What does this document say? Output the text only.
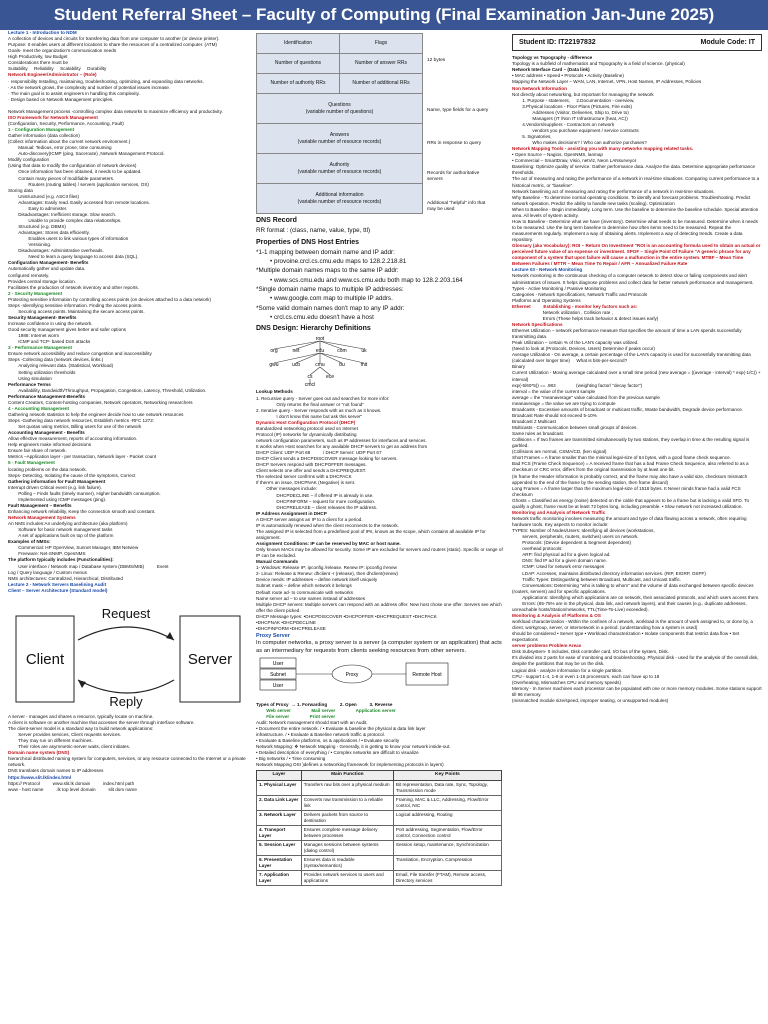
Student Referral Sheet – Faculty of Computing (Final Examination Jan-June 2025)

Lecture 1 - Introduction to NDM

A collection of devices and circuits for transferring data from one computer to another (or device printer).

Purpose: It enables users at different locations to share the resources of a centralized computer. (ATM)

Goals- meet the organization's communication needs

High Productivity, low Budget

Considerations there must be

Suitability     Reliability     Scalability     Durability

Network Engineer/Administrator – (Role)

· responsibility Installing, maintaining, troubleshooting, optimizing, and expanding data networks.

· As the network grows, the complexity and number of potential issues increase.

· The main goal is to assist engineers in handling this complexity.

· Design based on Network Management principles.

Network Management process -controlling complex data networks to maximize efficiency and productivity.

ISO Framework for Network Management

(Configuration, Security, Performance, Accounting, Fault)

1 - Configuration Management

Gather information (data collection)

(Collect information about the current network environment.)

Manual: Tedious, error prone, time consuming

Auto-discovery(ICMP (ping, traceroute) ,Network Management Protocol.

Modify configuration

(Using that data to modify the configuration of network devices)

Once information has been obtained, it needs to be updated.

Contain many pieces of modifiable parameters.

Routers (routing tables) / servers (application services, OS)

Storing data

Unstructured (e.g. ASCII files)

Advantages: Easily read. Easily accessed from remote locations.

Easy to administer.

Disadvantages: Inefficient storage. Slow search.

Unable to provide complex data relationships.

Structured (e.g. DBMS)

Advantages: Stores data efficiently.

Enables users to link various types of information

Versioning.

Disadvantages: Administrative overheads.

Need to learn a query language to access data (SQL).

Configuration Management- Benefits

Automatically gather and update data.

configured remotely.

Provides central storage location.

Facilitates the production of network inventory and other reports.

2 - Security Management

Protecting sensitive information by controlling access points (on devices attached to a data network)

Steps -Identifying sensitive information. Finding the access points.

Securing access points. Maintaining the secure access points.

Security Management- Benefits

Increase confidence in using the network.

Good security management gives better and safer options

1988: Internet worm

ICMP and TCP- based DoS attacks

3 - Performance Management

Ensure network accessibility and reduce congestion and inaccessibility

Steps -Collecting data (network devices, links.)

Analyzing relevant data. (Statistical, Workload)

Setting utilization thresholds

Using simulation

Performance Terms

Availability, Bandwidth/Throughput, Propagation, Congestion, Latency, Threshold, Utilization.

Performance Management-Benefits

Content Creators, Content-hosting companies, Network operators, Networking researchers

4 - Accounting Management

Gathering network statistics to help the engineer decide how to use network resources

Steps -Gathering data network resources, Establish metrics -RFC 1272:

Set quotas using metrics, Billing users for use of the network

Accounting Management - Benefits

Allow effective measurement, reports of accounting information.

Help engineers make informed decisions

Ensure fair share of network.

Metrics –Application layer - per transaction, Network layer - Packet count

5 - Fault Management

locating problems on the data network.

Steps- Detecting, Isolating the cause of the symptoms, Correct

Gathering information for Fault Management

Interrupt driven Critical event (e.g. link failure).

Polling – Finds faults (timely manner), Higher bandwidth consumption.

Implemented using ICMP messages (ping).

Fault Management – Benefits

Enhancing network reliability, Keep the connection smooth and constant.

Network Management Systems

An NMS includes:An underlying architecture (aka platform)

Software for basic network management tasks

A set of applications built on top of the platform

Examples of NMSs:

Commercial: HP OpenView, Sunnet Manager, IBM Netview

Freeware: Net-SNMP, OpenNMS

The platform typically includes (Functionalities):

User interface / Network map / Database system (DBMS/MIB)          Event

Log / Query language / Custom menus

NMS architectures: Centralized, Hierarchical, Distributed

Lecture 2 - Network Servers Baselining Audit

Client – Server Architecture (Standard model)

Client	Server
Request
Reply

A server - manages and shares a resource, typically locate on machine.

A client is software on another machine that accesses the server through interface software.

The client-server model is a standard way to build network applications:

Server provides services, Client requests services.

They may run on different machines.

Their roles are asymmetric-server waits, client initiates.

Domain name system (DNS)

hierarchical distributed naming system for computers, services, or any resource connected to the Internet or a private network.

DNS translates domain names to IP addresses

https://www.slit.lk/index.html

https:// Protocol          www.slit.lk domain          index.html path

www - host name          .lk top level domain          slit dom name

Identification	Flags
Number of questions	Number of answer RRs
Number of authority RRs	Number of additional RRs
Questions
(variable number of questions)	
Answers
(variable number of resource records)	
Authority
(variable number of resource records)	
Additional information
(variable number of resource records)	
12 bytes
Name, type fields for a query
RRs in response to query
Records for authoritative servers
Additional "helpful" info that may be used

DNS Record

RR format : (class, name, value, type, ttl)

Properties of DNS Host Entries

*1-1 mapping between domain name and IP addr:

• provoine.crcl.cs.cmu.edu maps to 128.2.218.81

*Multiple domain names maps to the same IP addr:

• www.scs.cmu.edu and www.cs.cmu.edu both map to 128.2.203.164

*Single domain name maps to multiple IP addresses:

• www.google.com map to multiple IP addrs.

*Some valid domain names don't map to any IP addr:

• crcl.cs.cmu.edu doesn't have a host

DNS Design: Hierarchy Definitions

root
org	net	edu	com	uk
gwu	ucb	cmu	bu	mit
cs	ece
cmcl

Lookup Methods

1. Recursive query - Server goes out and searches for more infor:

Only returns the final answer or "not found"

2. Iterative query - Server responds with as much as it knows.

I don't know this name but ask this server"

Dynamic Host Configuration Protocol (DHCP)

standardized networking protocol used on Internet

Protocol (IP) networks for dynamically distributing

network configuration parameters, such as IP addresses for interfaces and services.

It works when Host searches for any available DHCP servers to get an address from

DHCP Client: UDP Port 68          / DHCP Server: UDP Port 67

DHCP Client sends a DHCPDISCOVER message looking for servers.

DHCP Servers respond with DHCPOFFER messages.

Client selects one offer and sends a DHCPREQUEST.

The selected server confirms with a DHCPACK

If there's an issue, DHCPNAK (Negative) is sent.

Other messages include:

DHCPDECLINE – if offered IP is already in use.

DHCPINFORM – request for more configuration.

DHCPRELEASE – client releases the IP address.

IP Address Assignment in DHCP

A DHCP server assigns an IP to a client for a period.

IP is automatically renewed when the client reconnects to the network.

The assigned IP is selected from a predefined pool of IPs, known as the scope, which contains all available IP for assignment.

Assignment Conditions: IP can be reserved by MAC or host name.

Only known MACs may be allowed for security. Some IP are excluded for servers and routers (static). Specific or range of IP can be excluded.

Manual Commands

1- Windows: Release IP: ipconfig /release. Renew IP: ipconfig /renew

2- Linux: Release & Renew: dhclient -r (release), then dhclient(renew)

Device needs: IP addresses – define network itself uniquely

Subnet mask – define which network it belongs

Default route ad- to communicate with networks

Name server ad – to use names instead of addresses

Multiple DHCP servers: Multiple servers can respond with an address offer. New host chose one offer. Servers see which offer the client picked.

DHCP Message types: •DHCPDISCOVER •DHCPOFFER •DHCPREQUEST •DHCPACK

•DHCPNAK •DHCPDECLINE

•DHCPINFORM •DHCPRELEASE

Proxy Server
In computer networks, a proxy server is a server (a computer system or an application) that acts as an intermediary for requests from clients seeking resources from other servers.
User
Subnet
User
Proxy	Remote Host

Types of Proxy  → 1. Forwarding          2. Open          3. Reverse

Web server                Mail server                Application server

File server                Print server

Audit: Network management should start with an Audit.

• Document the entire network. / • Evaluate & baseline the physical & data link layer

infrastructure. / • Evaluate & Baseline network traffic & protocol.

• Evaluate & Baseline platforms, os & applications / • Evaluate security

Network Mapping: ❖ Network Mapping - Generally, it is getting to know your network inside-out.

• Detailed description of everything / • Complex networks are difficult to visualize

• Big networks / • Time consuming

Network Mapping OSI )defines a networking framework for implementing protocols in layers)

Layer	Main Function	Key Points
1. Physical Layer	Transfers raw bits over a physical medium	Bit representation, Data rate, Sync, Topology, Transmission mode
2. Data Link Layer	Converts raw transmission to a reliable link	Framing, MAC & LLC, Addressing, Flow/Error control, NIC
3. Network Layer	Delivers packets from source to destination	Logical addressing, Routing
4. Transport Layer	Ensures complete message delivery between processes	Port addressing, Segmentation, Flow/Error control, Connection control
5. Session Layer	Manages sessions between systems (dialog control)	Session setup, maintenance, Synchronization
6. Presentation Layer	Ensures data is readable (syntax/semantics)	Translation, Encryption, Compression
7. Application Layer	Provides network services to users and applications	Email, File transfer (FTAM), Remote access, Directory services
Student ID: IT22197832	Module Code: IT

Topology vs Topography - difference

Topology is a subfield of mathematics and Topography is a field of science. (physical)

Network Interface Card – (Data link)

• MAC address • Speed • Protocols • Activity (Baseline)

Mapping the Network Layer – WAN, LAN, Internet, VPN, Host Names, IP Addresses, Policies

Non Network Information

Not directly about networking, but important for managing the network

1. Purpose - statement,     2.Documentation - overview,

3.Physical locations - Floor Plans (Pictures, Fire exits)

Addresses (Visitor, Deliveries, Ship to, Drive to)

Managers (IT /Non IT Infrastructure (heat, AC))

4.Vendors/suppliers - Contractors on network

vendors you purchase equipment / service contracts

5. Signatories,

Who makes decisions? / Who can authorize purchases?

Network Mapping Tools - assisting you with many networks mapping related tasks.

• Open Source – Nagios, OpenNMS, lanmap

• Commercial – SmartDraw, Visio, netViz, Neon LANsurveyor

Baselining: Optimize quality of service. Gather performance data. Analyze the data. Determine appropriate performance thresholds.

The act of measuring and rating the performance of a network in real-time situations. Comparing current performance to a historical metric, or "baseline".

Network baselining act of measuring and rating the performance of a network in real-time situations.

Why Baseline - To determine normal operating conditions. To identify and forecast problems. Troubleshooting. Predict network operation. Predict the ability to handle new tasks (scaling). Optimization

When to Baseline - Begin immediately. Long term. Use the baseline to determine the baseline schedule. Special attention area. All levels of system activity.

How to Baseline - Determine what we have (inventory). Determine what needs to be measured. Determine when it needs to be measured. Use the long term baseline to determine how often items need to be measured. Repeat the measurements regularly. Implement a way of obtaining alerts. Implement a way of detecting trends. Create a data repository.

Glossary (aka Vocabulary): ROI – Return On Investment "ROI is an accounting formula used to obtain an actual or perceived future value of an expense or investment. SPOF – Single Point Of Failure "A generic phrase for any component of a system that upon failure will cause a malfunction in the entire system. MTBF – Mean Time Between Failures / MTTR – Mean Time To Repair / AFR – Annualized Failure Rate

Lecture 03 - Network Monitoring

Network monitoring is the continuous checking of a computer network to detect slow or failing components and alert administrators of issues. It helps diagnose problems and collect data for better network performance and management.

Types - Active Monitoring / Passive Monitoring

Categories - Network Specifications, Network Traffic and Protocols

Platforms and Operating Systems

Ethernet          Establishing - monitor key factors such as:

Network utilization , Collision rate ,

Errors (These helps track behavior & detect issues early)

Network Specifications

Ethernet Utilization – network performance measure that specifies the amount of time a LAN spends successfully transmitting data.

Peak Utilization – certain % of the LAN's capacity was utilized.

(Need to look at (Protocols, Devices, Users) Determine if peaks occur)

Average Utilization - On average, a certain percentage of the LAN's capacity is used for successfully transmitting data (calculated over longer time)     What is bits-per-second?

Binary

Current Utilization - Moving average calculated over a small time period (new average = ((average - interval) * exp(-1/C)) + interval)

exp(-5/60*5)) == .983                (weighting factor/ "decay factor")

interval = the value of the current sample

average = the "meanaverage" value calculated from the previous sample

meanaverage = the value we are trying to compute

Broadcasts - Excessive amounts of broadcast or multicast traffic, Waste bandwidth, Degrade device performance.

Broadcast Rate should not exceed 5-10%

Broadcast ≠ Multicast

Multicasts - Communication between small groups of devices.

Same rules as broadcast.

Collisions = If two frames are transmitted simultaneously by two stations, they overlap in time & the resulting signal is garbled.

(Collisions are normal, CSMA/CD, (ken signal)

Short Frames = A frame smaller than the minimal legal-size of 64 bytes, with a good frame check sequence.

Bad FCS (Frame Check Sequence) = A received frame that has a bad Frame Check Sequence, also referred to as a checksum or CRC error, differs from the original transmission by at least one bit.

(In frame the Header information is probably correct, and the frame may also have a valid size, checksum mismatch appended to the end of the frame by the sending station, then frame discard)

Long Frames = A frame larger than the maximum legal-size of 1518 bytes. It Never minds frame had a valid FCS checksum

Ghosts = Classified as energy (noise) detected on the cable that appears to be a frame but is lacking a valid SFD. To qualify a ghost, frame must be at least 72 bytes long, including preamble. • Slow network not increased utilization.

Monitoring and Analysis of Network Traffic

Network traffic monitoring involves measuring the amount and type of data flowing across a network, often requiring hardware tools. Key aspects to monitor include:

TYPES: Number of Nodes/Users: Identifying all devices (workstations,

servers, peripherals, routers, switches) users on network.

Protocols: (Device dependent & Segment dependent)

overhead protocols:

ARP: find physical ad for a given logical ad.

DNS: find IP ad for a given domain name.

ICMP: Used for network error messages

LDAP: Accesses, maintains distributed directory information services. (RIP, EIGRP, OSPF)

Traffic Types: Distinguishing between Broadcast, Multicast, and Unicast traffic.

Conversations: Determining "who is talking to whom" and the volume of data exchanged between specific devices (routers, servers) and for specific applications.

Applications: Identifying which applications are on network, their associated protocols, and which users access them.

Errors: (65-75% are in the physical, data link, and network layers), and their causes (e.g., duplicate addresses, unreachable hosts/Station/networks, TTL(Time-To-Live) exceeded).

Monitoring & Analysis of Platforms & OS

workload characterization - Within the confines of a network, workload is the amount of work assigned to, or done by, a client, workgroup, server, or internetwork in a period. (understanding how a system is used)

should be considered • Server type • Workload characterization • Isolate components that restrict data flow • Set expectations

server problems Problem Areas

Disk Subsystem- It includes, Disk controller card, I/O bus of the system, Disk.

It's divided into 2 parts for ease of monitoring and troubleshooting. Physical disk - used for the analysis of the overall disk, despite the partitions that may be on the disk.

Logical disk - analyze information for a single partition.

CPU - support 1-4, 1-8 or even 1-16 processors. each can have up to 18

(Overheating, Mismatches CPU and memory speeds)

Memory - In Server machines each processor can be populated with one or more memory modules. Some stations support till 96 memory.

(mismatched module size/speed, improper seating, or unsupported modules)
